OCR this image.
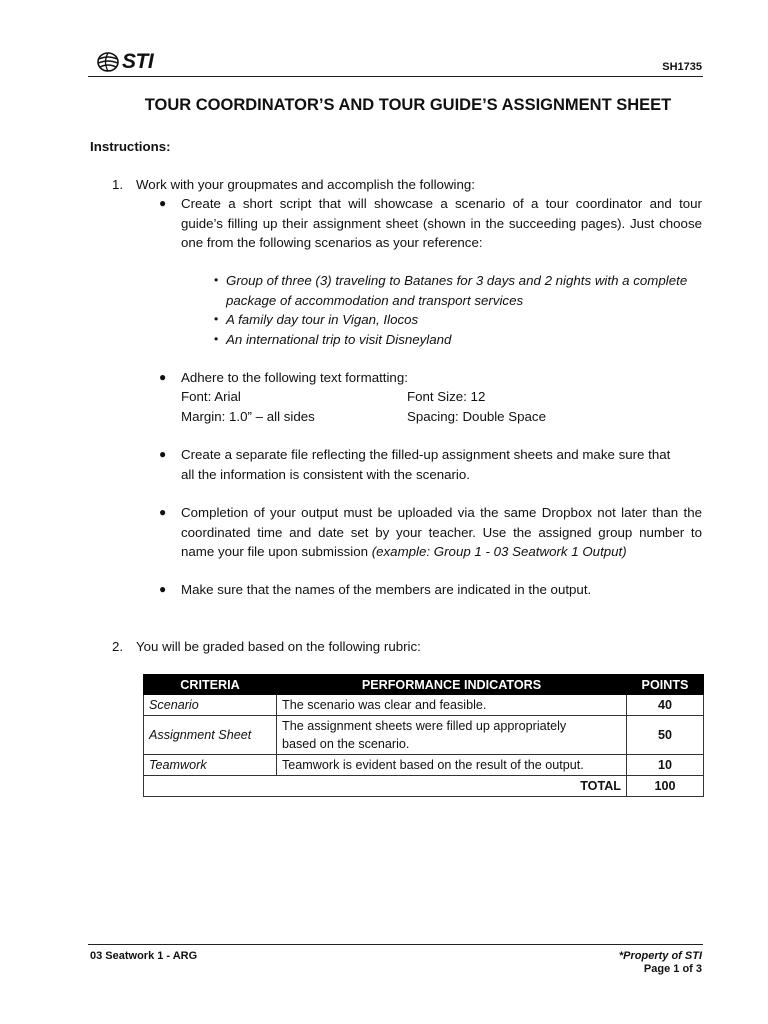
STI	SH1735
TOUR COORDINATOR’S AND TOUR GUIDE’S ASSIGNMENT SHEET
Instructions:
1. Work with your groupmates and accomplish the following:
● Create a short script that will showcase a scenario of a tour coordinator and tour
guide’s filling up their assignment sheet (shown in the succeeding pages). Just choose
one from the following scenarios as your reference:
• Group of three (3) traveling to Batanes for 3 days and 2 nights with a complete
package of accommodation and transport services
• A family day tour in Vigan, Ilocos
• An international trip to visit Disneyland
● Adhere to the following text formatting:
Font: Arial	Font Size: 12
Margin: 1.0” – all sides	Spacing: Double Space
● Create a separate file reflecting the filled-up assignment sheets and make sure that
all the information is consistent with the scenario.
● Completion of your output must be uploaded via the same Dropbox not later than the
coordinated time and date set by your teacher. Use the assigned group number to
name your file upon submission (example: Group 1 - 03 Seatwork 1 Output)
● Make sure that the names of the members are indicated in the output.
2. You will be graded based on the following rubric:
CRITERIA	PERFORMANCE INDICATORS	POINTS
Scenario	The scenario was clear and feasible.	40
Assignment Sheet	The assignment sheets were filled up appropriately
based on the scenario.	50
Teamwork	Teamwork is evident based on the result of the output.	10
TOTAL		100
03 Seatwork 1 - ARG	*Property of STI
Page 1 of 3
